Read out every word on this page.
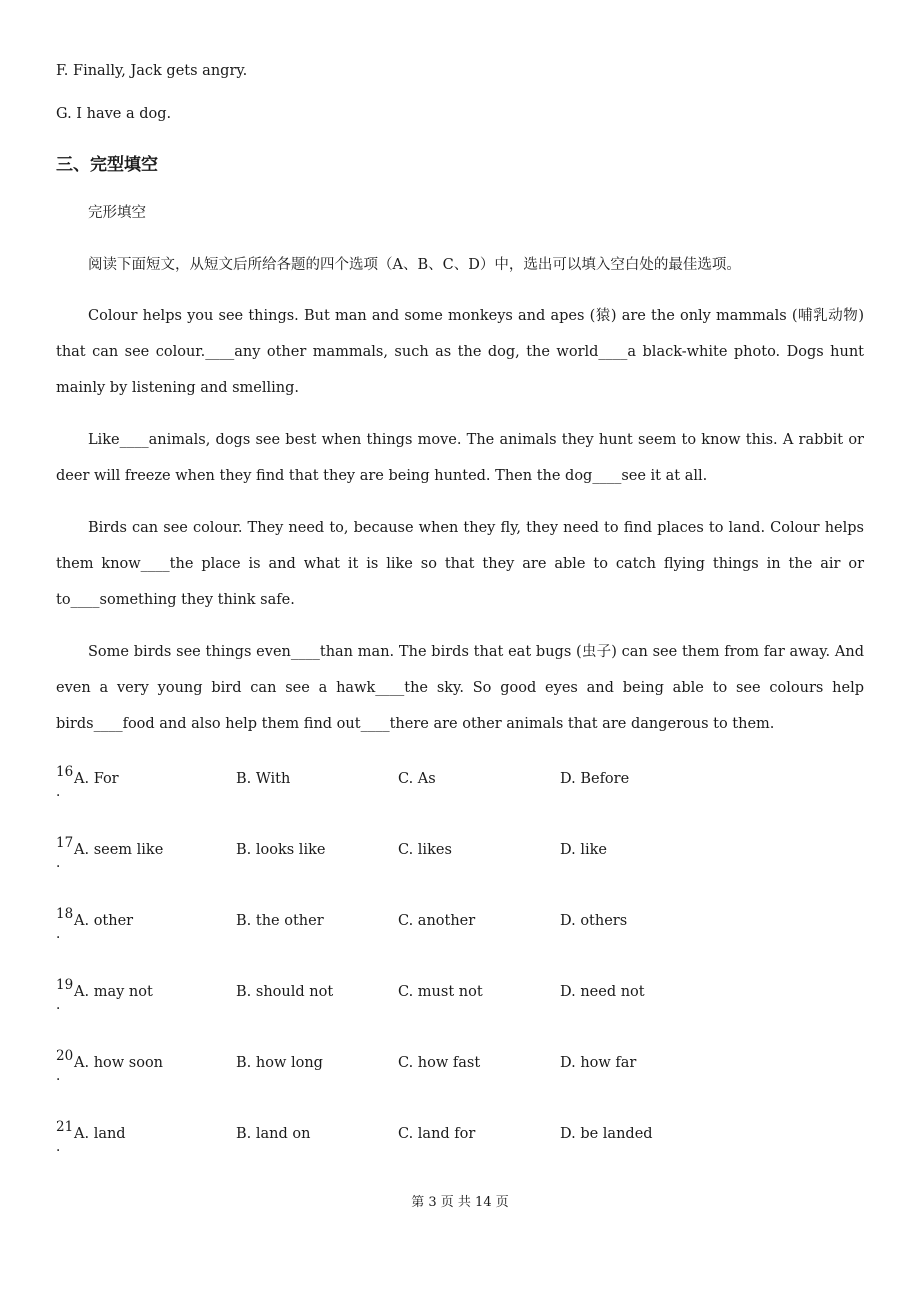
F. Finally, Jack gets angry.
G. I have a dog.
三、完型填空
完形填空
阅读下面短文，从短文后所给各题的四个选项（A、B、C、D）中，选出可以填入空白处的最佳选项。
Colour helps you see things. But man and some monkeys and apes (猿) are the only mammals (哺乳动物) that can see colour.____any other mammals, such as the dog, the world____a black-white photo. Dogs hunt mainly by listening and smelling.
Like____animals, dogs see best when things move. The animals they hunt seem to know this. A rabbit or deer will freeze when they find that they are being hunted. Then the dog____see it at all.
Birds can see colour. They need to, because when they fly, they need to find places to land. Colour helps them know____the place is and what it is like so that they are able to catch flying things in the air or to____something they think safe.
Some birds see things even____than man. The birds that eat bugs (虫子) can see them from far away. And even a very young bird can see a hawk____the sky. So good eyes and being able to see colours help birds____food and also help them find out____there are other animals that are dangerous to them.
16
.
A. For	B. With	C. As	D. Before
17
.
A. seem like	B. looks like	C. likes	D. like
18
.
A. other	B. the other	C. another	D. others
19
.
A. may not	B. should not	C. must not	D. need not
20
.
A. how soon	B. how long	C. how fast	D. how far
21
.
A. land	B. land on	C. land for	D. be landed
第 3 页 共 14 页
